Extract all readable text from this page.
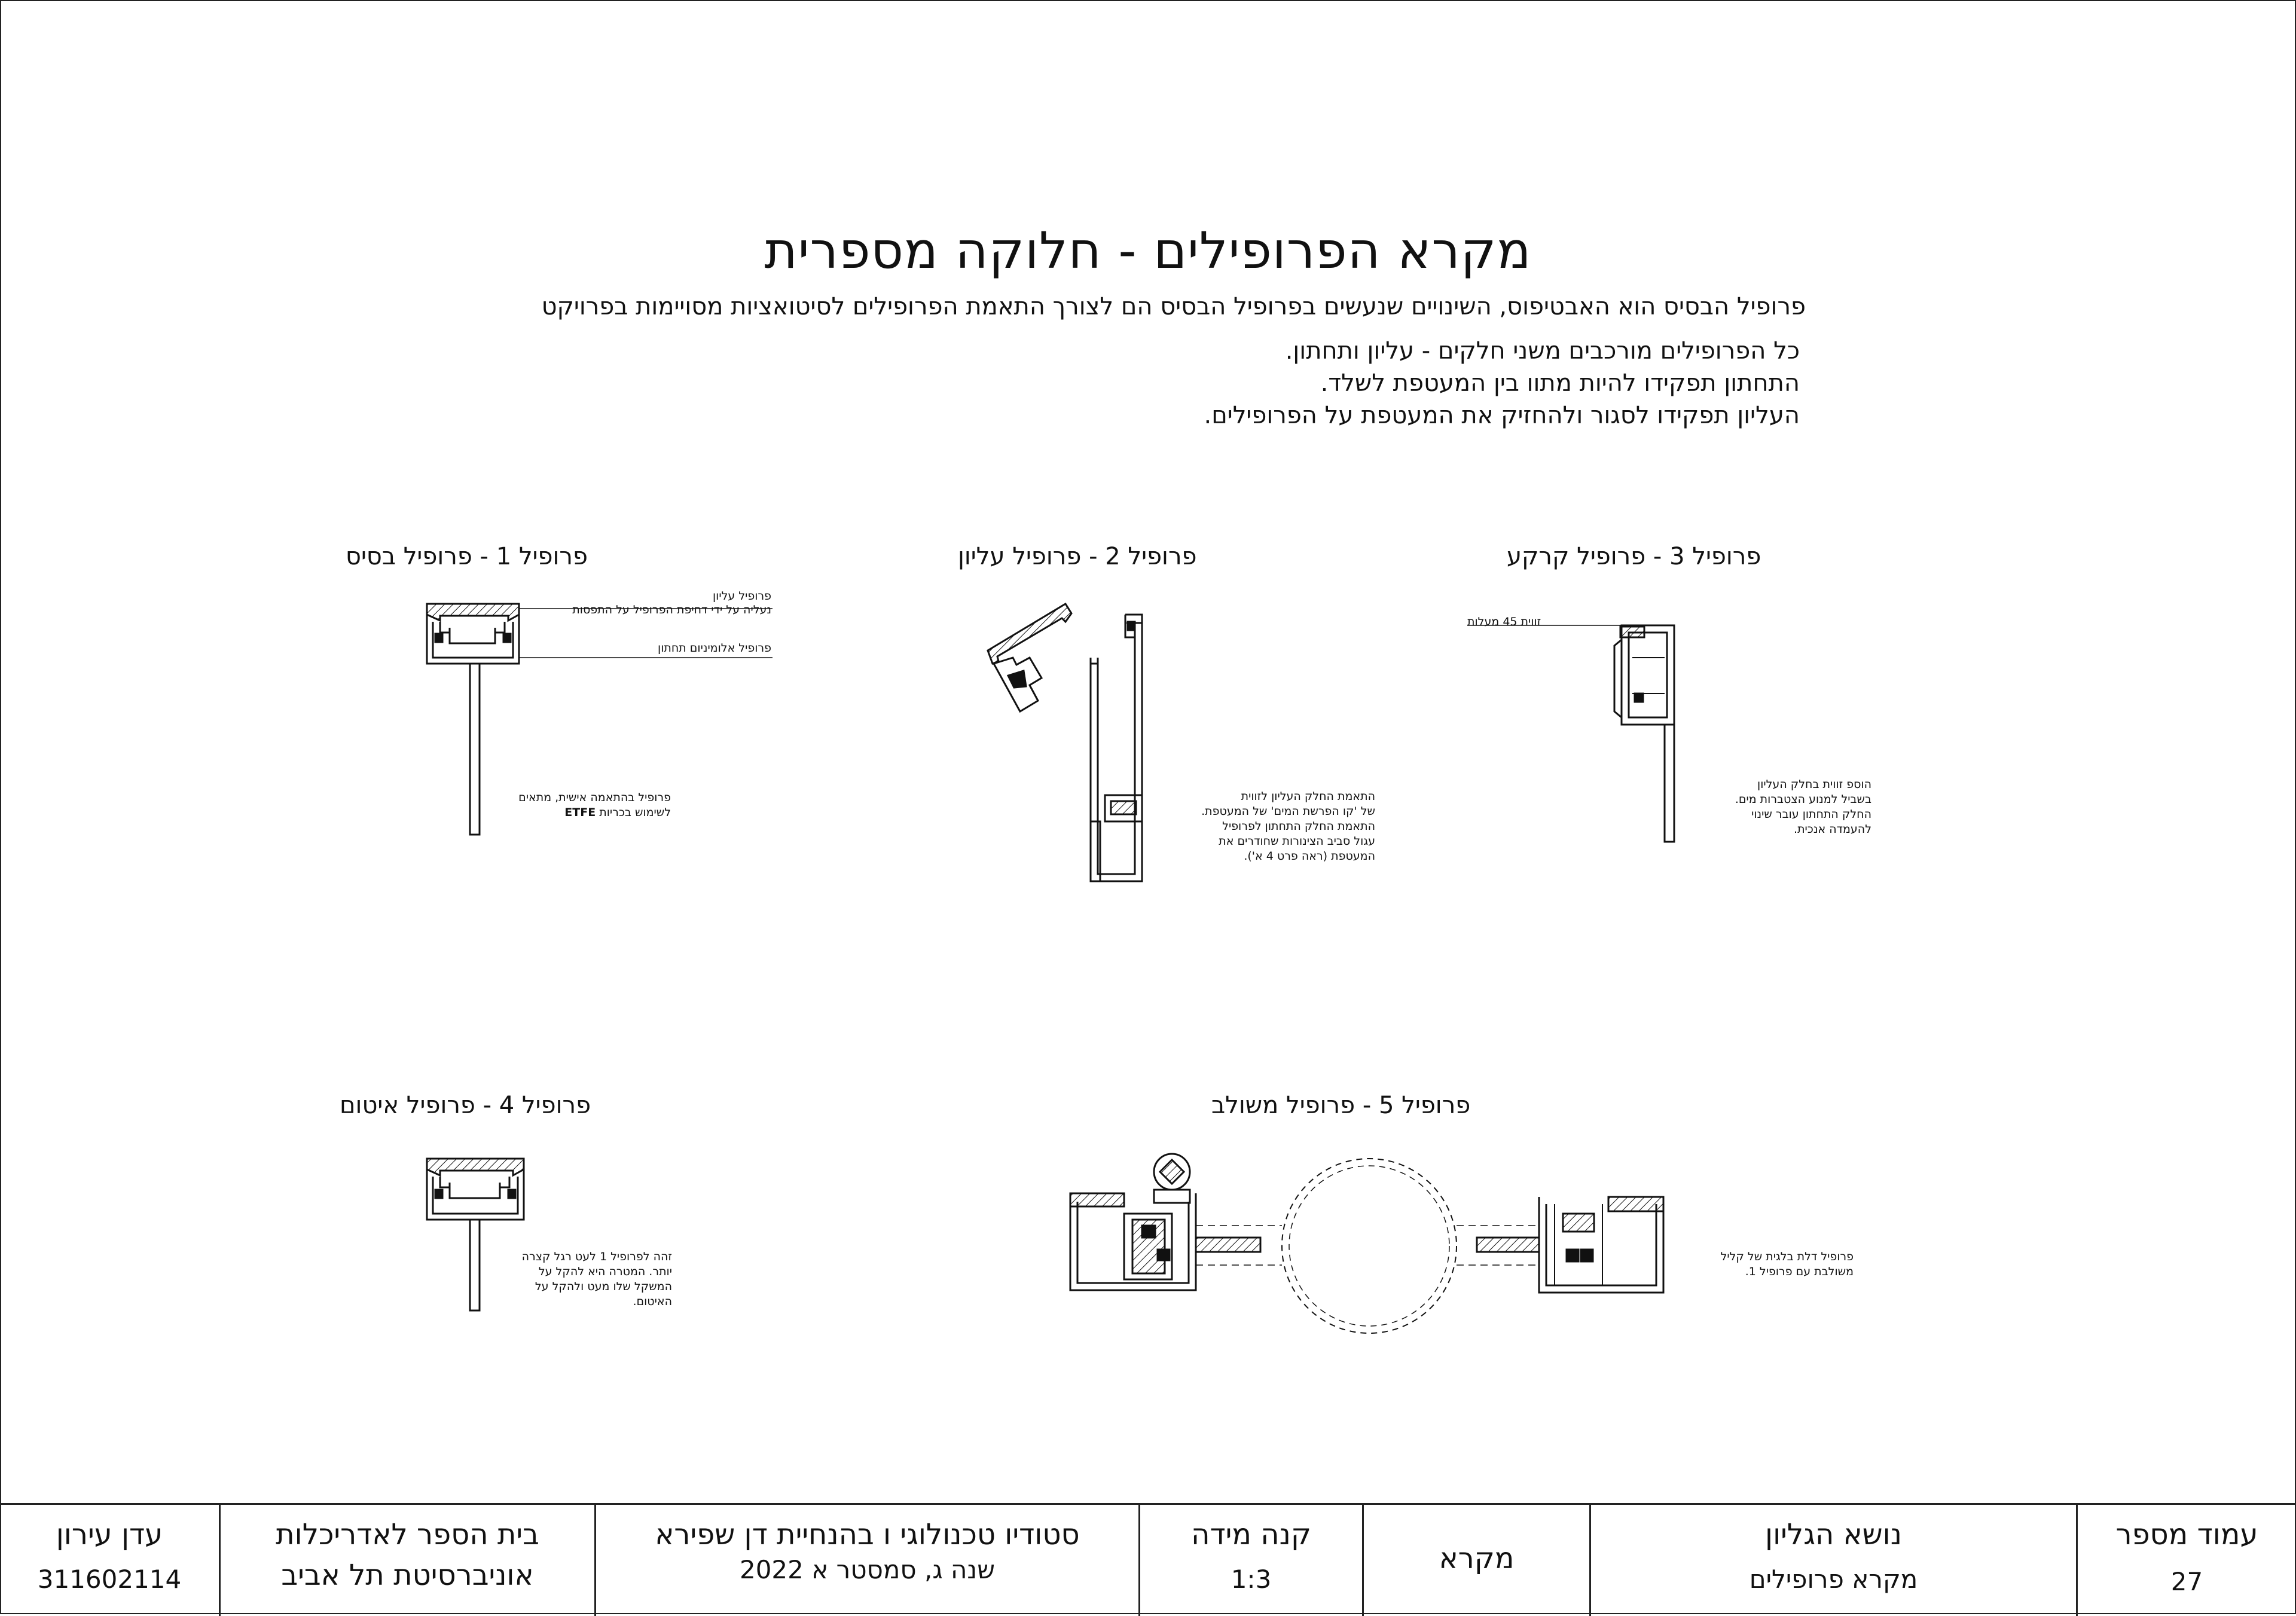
מקרא הפרופילים - חלוקה מספרית
פרופיל הבסיס הוא האבטיפוס, השינויים שנעשים בפרופיל הבסיס הם לצורך התאמת הפרופילים לסיטואציות מסויימות בפרויקט
כל הפרופילים מורכבים משני חלקים - עליון ותחתון.
התחתון תפקידו להיות מתוו בין המעטפת לשלד.
העליון תפקידו לסגור ולהחזיק את המעטפת על הפרופילים.
פרופיל 1 - פרופיל בסיס	פרופיל 2 - פרופיל עליון	פרופיל 3 - פרופיל קרקע
פרופיל 4 - פרופיל איטום	פרופיל 5 - פרופיל משולב
פרופיל עליון
נעליה על ידי דחיפת הפרופיל על התפסות
פרופיל אלומיניום תחתון
פרופיל בהתאמה אישית, מתאים
לשימוש בכריות ETFE
התאמת החלק העליון לזווית
של 'קו הפרשת המים' של המעטפת.
התאמת החלק התחתון לפרופיל
עגול סביב הצינורות שחודרים את
המעטפת (ראה פרט 4 א').
זווית 45 מעלות
הוספ זווית בחלק העליון
בשביל למנוע הצטברות מים.
החלק התחתון עובר שינוי
להעמדה אנכית.
זהה לפרופיל 1 לעט רגל קצרה
יותר. המטרה היא להקל על
המשקל שלו מעט ולהקל על
האיטום.
פרופיל דלת בלגית של קליל
משולבת עם פרופיל 1.
עדן עירון
311602114
בית הספר לאדריכלות
אוניברסיטת תל אביב
סטודיו טכנולוגי ו בהנחיית דן שפירא
שנה ג, סמסטר א 2022
קנה מידה
1:3
מקרא
נושא הגליון
מקרא פרופילים
עמוד מספר
27
